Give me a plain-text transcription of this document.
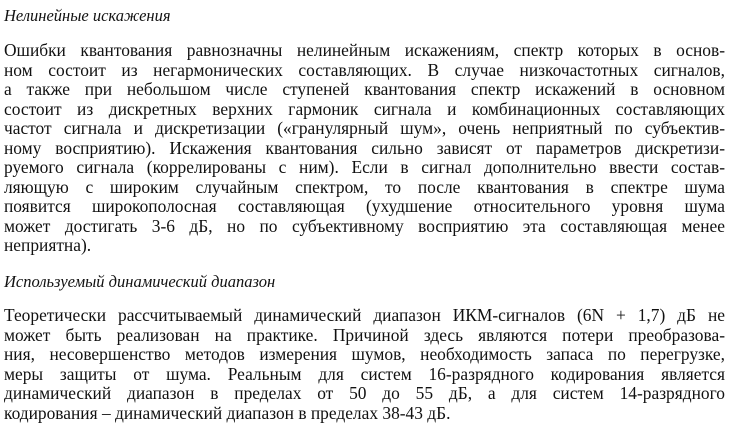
Нелинейные искажения
Ошибки квантования равнозначны нелинейным искажениям, спектр которых в основ-
ном состоит из негармонических составляющих. В случае низкочастотных сигналов,
а также при небольшом числе ступеней квантования спектр искажений в основном
состоит из дискретных верхних гармоник сигнала и комбинационных составляющих
частот сигнала и дискретизации («гранулярный шум», очень неприятный по субъектив-
ному восприятию). Искажения квантования сильно зависят от параметров дискретизи-
руемого сигнала (коррелированы с ним). Если в сигнал дополнительно ввести состав-
ляющую с широким случайным спектром, то после квантования в спектре шума
появится широкополосная составляющая (ухудшение относительного уровня шума
может достигать 3-6 дБ, но по субъективному восприятию эта составляющая менее
неприятна).
Используемый динамический диапазон
Теоретически рассчитываемый динамический диапазон ИКМ-сигналов (6N + 1,7) дБ не
может быть реализован на практике. Причиной здесь являются потери преобразова-
ния, несовершенство методов измерения шумов, необходимость запаса по перегрузке,
меры защиты от шума. Реальным для систем 16-разрядного кодирования является
динамический диапазон в пределах от 50 до 55 дБ, а для систем 14-разрядного
кодирования – динамический диапазон в пределах 38-43 дБ.
